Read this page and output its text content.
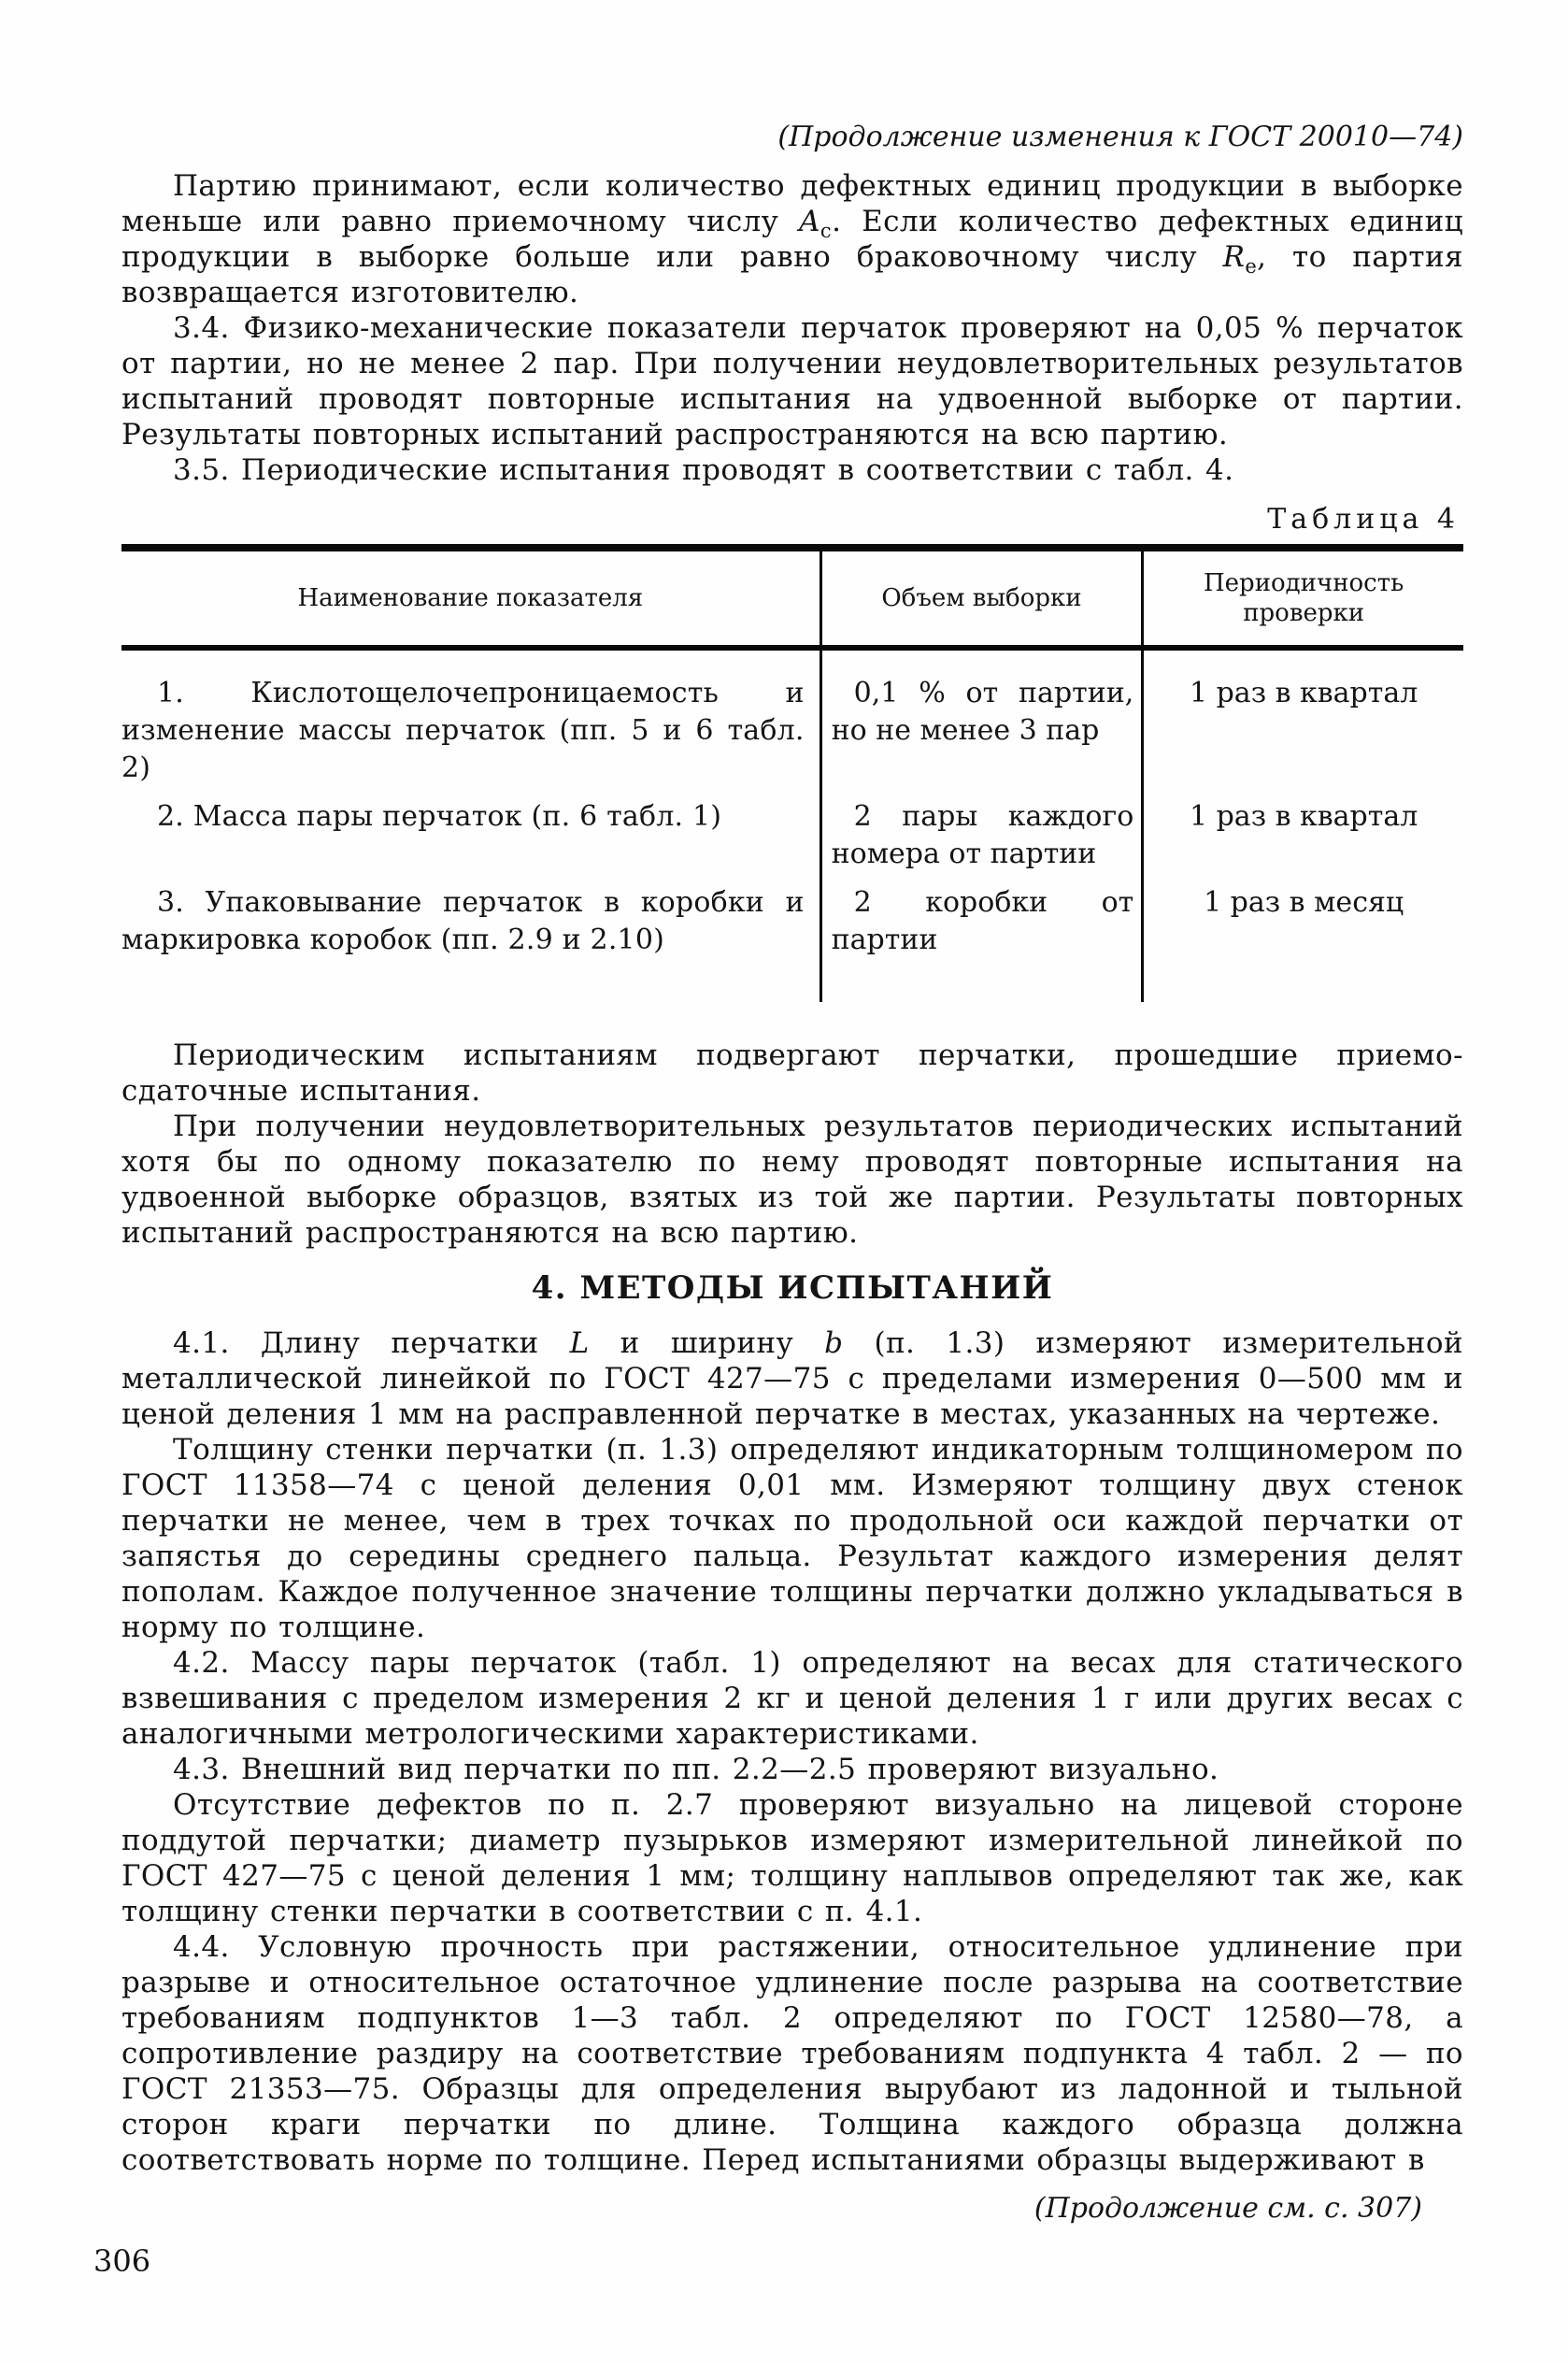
(Продолжение изменения к ГОСТ 20010—74)

Партию принимают, если количество дефектных единиц продукции в выборке меньше или равно приемочному числу $A_c$. Если количество дефектных единиц продукции в выборке больше или равно браковочному числу $R_e$, то партия возвращается изготовителю.

3.4. Физико-механические показатели перчаток проверяют на 0,05 % перчаток от партии, но не менее 2 пар. При получении неудовлетворительных результатов испытаний проводят повторные испытания на удвоенной выборке от партии. Результаты повторных испытаний распространяются на всю партию.

3.5. Периодические испытания проводят в соответствии с табл. 4.

Таблица 4

Наименование показателя	Объем выборки	Периодичность проверки

1. Кислотощелочепроницаемость и изменение массы перчаток (пп. 5 и 6 табл. 2)	0,1 % от партии, но не менее 3 пар	1 раз в квартал

2. Масса пары перчаток (п. 6 табл. 1)	2 пары каждого номера от партии	1 раз в квартал

3. Упаковывание перчаток в коробки и маркировка коробок (пп. 2.9 и 2.10)	2 коробки от партии	1 раз в месяц

Периодическим испытаниям подвергают перчатки, прошедшие приемо-сдаточные испытания.

При получении неудовлетворительных результатов периодических испытаний хотя бы по одному показателю по нему проводят повторные испытания на удвоенной выборке образцов, взятых из той же партии. Результаты повторных испытаний распространяются на всю партию.

4. МЕТОДЫ ИСПЫТАНИЙ

4.1. Длину перчатки L и ширину b (п. 1.3) измеряют измерительной металлической линейкой по ГОСТ 427—75 с пределами измерения 0—500 мм и ценой деления 1 мм на расправленной перчатке в местах, указанных на чертеже.

Толщину стенки перчатки (п. 1.3) определяют индикаторным толщиномером по ГОСТ 11358—74 с ценой деления 0,01 мм. Измеряют толщину двух стенок перчатки не менее, чем в трех точках по продольной оси каждой перчатки от запястья до середины среднего пальца. Результат каждого измерения делят пополам. Каждое полученное значение толщины перчатки должно укладываться в норму по толщине.

4.2. Массу пары перчаток (табл. 1) определяют на весах для статического взвешивания с пределом измерения 2 кг и ценой деления 1 г или других весах с аналогичными метрологическими характеристиками.

4.3. Внешний вид перчатки по пп. 2.2—2.5 проверяют визуально.

Отсутствие дефектов по п. 2.7 проверяют визуально на лицевой стороне поддутой перчатки; диаметр пузырьков измеряют измерительной линейкой по ГОСТ 427—75 с ценой деления 1 мм; толщину наплывов определяют так же, как толщину стенки перчатки в соответствии с п. 4.1.

4.4. Условную прочность при растяжении, относительное удлинение при разрыве и относительное остаточное удлинение после разрыва на соответствие требованиям подпунктов 1—3 табл. 2 определяют по ГОСТ 12580—78, а сопротивление раздиру на соответствие требованиям подпункта 4 табл. 2 — по ГОСТ 21353—75. Образцы для определения вырубают из ладонной и тыльной сторон краги перчатки по длине. Толщина каждого образца должна соответствовать норме по толщине. Перед испытаниями образцы выдерживают в

(Продолжение см. с. 307)

306
